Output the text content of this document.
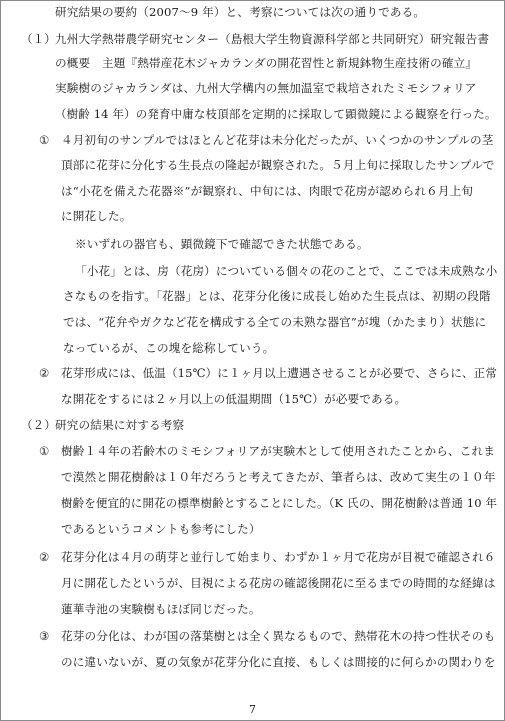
研究結果の要約（2007～9 年）と、考察については次の通りである。
（１） 九州大学熱帯農学研究センター（島根大学生物資源科学部と共同研究）研究報告書
の概要　主題『熱帯産花木ジャカランダの開花習性と新規鉢物生産技術の確立』
実験樹のジャカランダは、九州大学構内の無加温室で栽培されたミモシフォリア
（樹齢 14 年）の発育中庸な枝頂部を定期的に採取して顕微鏡による観察を行った。
① ４月初旬のサンプルではほとんど花芽は未分化だったが、いくつかのサンプルの茎
頂部に花芽に分化する生長点の隆起が観察された。５月上旬に採取したサンプルで
は“小花を備えた花器※”が観察れ、中旬には、肉眼で花房が認められ６月上旬
に開花した。
※いずれの器官も、顕微鏡下で確認できた状態である。
「小花」とは、房（花房）についている個々の花のことで、ここでは未成熟な小
さなものを指す。「花器」とは、花芽分化後に成長し始めた生長点は、初期の段階
では、“花弁やガクなど花を構成する全ての未熟な器官”が塊（かたまり）状態に
なっているが、この塊を総称していう。
② 花芽形成には、低温（15℃）に１ヶ月以上遭遇させることが必要で、さらに、正常
な開花をするには２ヶ月以上の低温期間（15℃）が必要である。
（２） 研究の結果に対する考察
① 樹齢１４年の若齢木のミモシフォリアが実験木として使用されたことから、これま
で漠然と開花樹齢は１０年だろうと考えてきたが、筆者らは、改めて実生の１０年
樹齢を便宜的に開花の標準樹齢とすることにした。（K 氏の、開花樹齢は普通 10 年
であるというコメントも参考にした）
② 花芽分化は４月の萌芽と並行して始まり、わずか１ヶ月で花房が目視で確認され６
月に開花したというが、目視による花房の確認後開花に至るまでの時間的な経緯は
蓮華寺池の実験樹もほぼ同じだった。
③ 花芽の分化は、わが国の落葉樹とは全く異なるもので、熱帯花木の持つ性状そのも
のに違いないが、夏の気象が花芽分化に直接、もしくは間接的に何らかの関わりを
7
